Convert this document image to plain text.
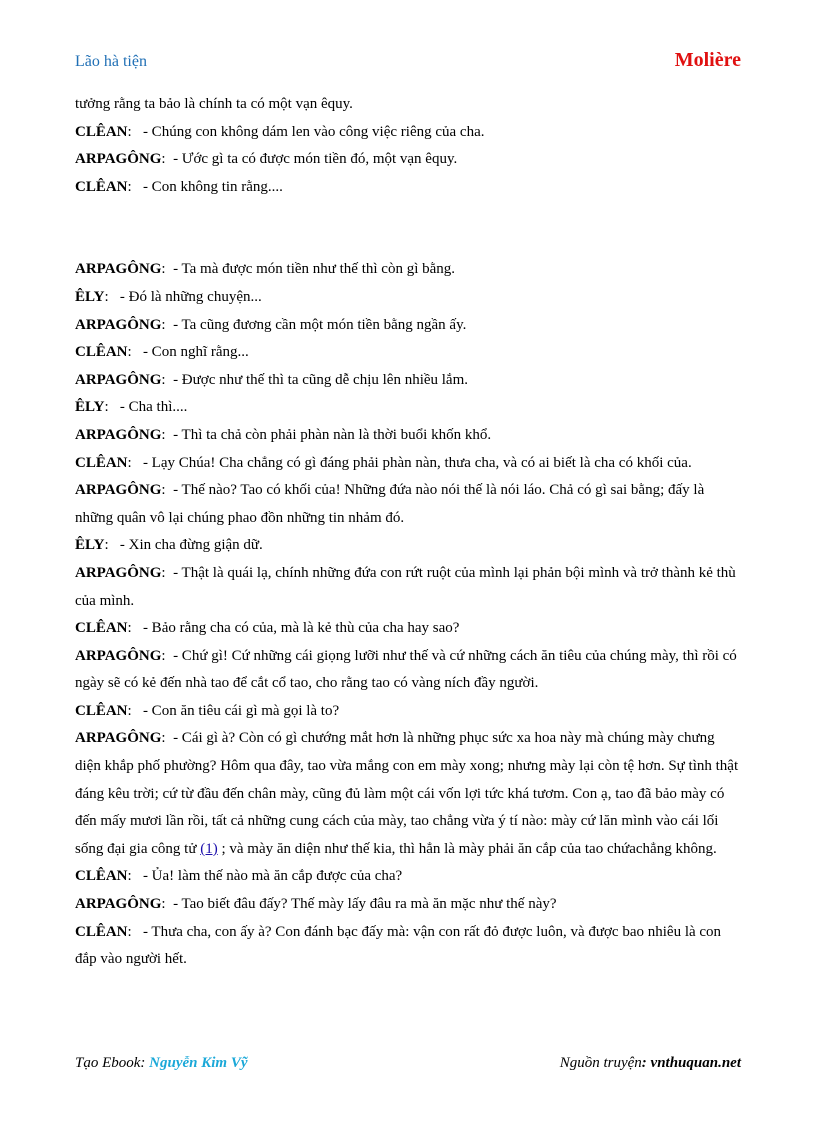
Lão hà tiện	Molière

tưởng rằng ta bảo là chính ta có một vạn êquy.

CLÊAN:   - Chúng con không dám len vào công việc riêng của cha.

ARPAGÔNG:  - Ước gì ta có được món tiền đó, một vạn êquy.

CLÊAN:   - Con không tin rằng....

ARPAGÔNG:  - Ta mà được món tiền như thế thì còn gì bằng.

ÊLY:   - Đó là những chuyện...

ARPAGÔNG:  - Ta cũng đương cần một món tiền bằng ngần ấy.

CLÊAN:   - Con nghĩ rằng...

ARPAGÔNG:  - Được như thế thì ta cũng dễ chịu lên nhiều lắm.

ÊLY:   - Cha thì....

ARPAGÔNG:  - Thì ta chả còn phải phàn nàn là thời buổi khốn khổ.

CLÊAN:   - Lạy Chúa! Cha chẳng có gì đáng phải phàn nàn, thưa cha, và có ai biết là cha có khối của.

ARPAGÔNG:  - Thế nào? Tao có khối của! Những đứa nào nói thế là nói láo. Chả có gì sai bằng; đấy là những quân vô lại chúng phao đồn những tin nhảm đó.

ÊLY:   - Xin cha đừng giận dữ.

ARPAGÔNG:  - Thật là quái lạ, chính những đứa con rứt ruột của mình lại phản bội mình và trở thành kẻ thù của mình.

CLÊAN:   - Bảo rằng cha có của, mà là kẻ thù của cha hay sao?

ARPAGÔNG:  - Chứ gì! Cứ những cái giọng lưỡi như thế và cứ những cách ăn tiêu của chúng mày, thì rồi có ngày sẽ có kẻ đến nhà tao để cắt cổ tao, cho rằng tao có vàng ních đầy người.

CLÊAN:   - Con ăn tiêu cái gì mà gọi là to?

ARPAGÔNG:  - Cái gì à? Còn có gì chướng mắt hơn là những phục sức xa hoa này mà chúng mày chưng diện khắp phố phường? Hôm qua đây, tao vừa mắng con em mày xong; nhưng mày lại còn tệ hơn. Sự tình thật đáng kêu trời; cứ từ đầu đến chân mày, cũng đủ làm một cái vốn lợi tức khá tươm. Con ạ, tao đã bảo mày có đến mấy mươi lần rồi, tất cả những cung cách của mày, tao chẳng vừa ý tí nào: mày cứ lăn mình vào cái lối sống đại gia công tử (1) ; và mày ăn diện như thế kia, thì hẳn là mày phải ăn cắp của tao chứachẳng không.

CLÊAN:   - Ủa! làm thế nào mà ăn cắp được của cha?

ARPAGÔNG:  - Tao biết đâu đấy? Thế mày lấy đâu ra mà ăn mặc như thế này?

CLÊAN:   - Thưa cha, con ấy à? Con đánh bạc đấy mà: vận con rất đỏ được luôn, và được bao nhiêu là con đắp vào người hết.

Tạo Ebook: Nguyễn Kim Vỹ	Nguồn truyện: vnthuquan.net
